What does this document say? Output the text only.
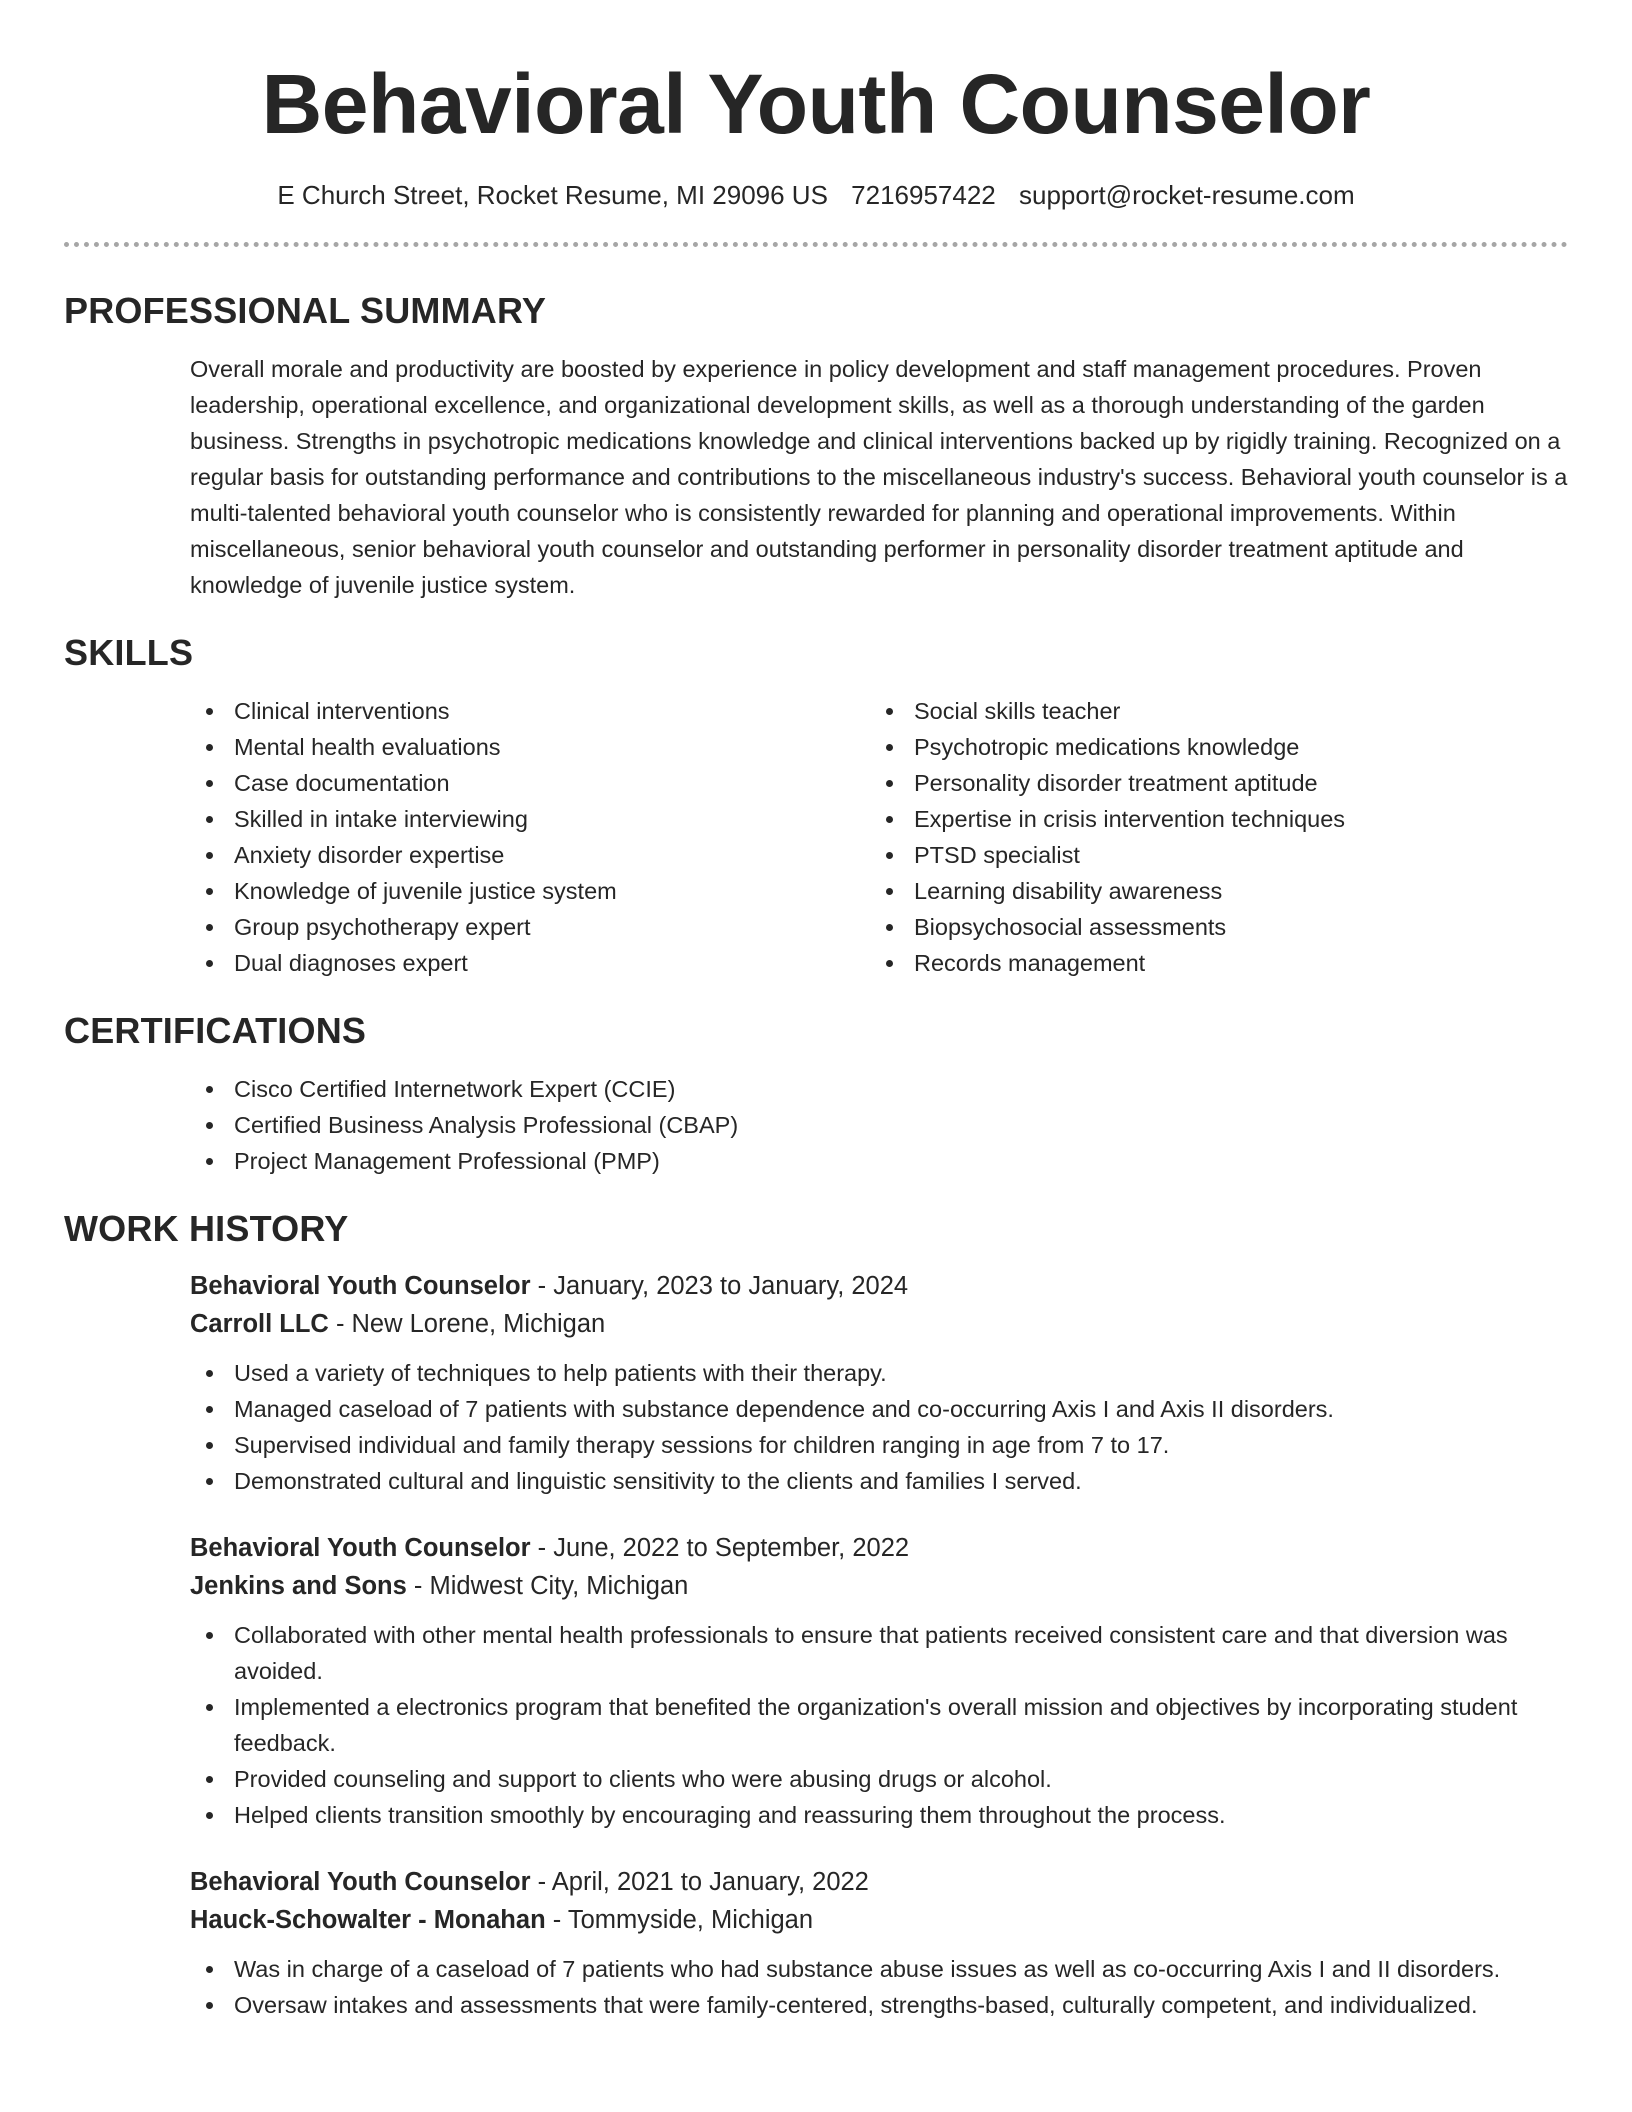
Behavioral Youth Counselor
E Church Street, Rocket Resume, MI 29096 US 7216957422 support@rocket-resume.com
PROFESSIONAL SUMMARY

Overall morale and productivity are boosted by experience in policy development and staff management procedures. Proven leadership, operational excellence, and organizational development skills, as well as a thorough understanding of the garden business. Strengths in psychotropic medications knowledge and clinical interventions backed up by rigidly training. Recognized on a regular basis for outstanding performance and contributions to the miscellaneous industry's success. Behavioral youth counselor is a multi-talented behavioral youth counselor who is consistently rewarded for planning and operational improvements. Within miscellaneous, senior behavioral youth counselor and outstanding performer in personality disorder treatment aptitude and knowledge of juvenile justice system.

SKILLS
Clinical interventions
Mental health evaluations
Case documentation
Skilled in intake interviewing
Anxiety disorder expertise
Knowledge of juvenile justice system
Group psychotherapy expert
Dual diagnoses expert
Social skills teacher
Psychotropic medications knowledge
Personality disorder treatment aptitude
Expertise in crisis intervention techniques
PTSD specialist
Learning disability awareness
Biopsychosocial assessments
Records management
CERTIFICATIONS
Cisco Certified Internetwork Expert (CCIE)
Certified Business Analysis Professional (CBAP)
Project Management Professional (PMP)
WORK HISTORY
Behavioral Youth Counselor - January, 2023 to January, 2024
Carroll LLC - New Lorene, Michigan
Used a variety of techniques to help patients with their therapy.
Managed caseload of 7 patients with substance dependence and co-occurring Axis I and Axis II disorders.
Supervised individual and family therapy sessions for children ranging in age from 7 to 17.
Demonstrated cultural and linguistic sensitivity to the clients and families I served.
Behavioral Youth Counselor - June, 2022 to September, 2022
Jenkins and Sons - Midwest City, Michigan
Collaborated with other mental health professionals to ensure that patients received consistent care and that diversion was avoided.
Implemented a electronics program that benefited the organization's overall mission and objectives by incorporating student feedback.
Provided counseling and support to clients who were abusing drugs or alcohol.
Helped clients transition smoothly by encouraging and reassuring them throughout the process.
Behavioral Youth Counselor - April, 2021 to January, 2022
Hauck-Schowalter - Monahan - Tommyside, Michigan
Was in charge of a caseload of 7 patients who had substance abuse issues as well as co-occurring Axis I and II disorders.
Oversaw intakes and assessments that were family-centered, strengths-based, culturally competent, and individualized.
